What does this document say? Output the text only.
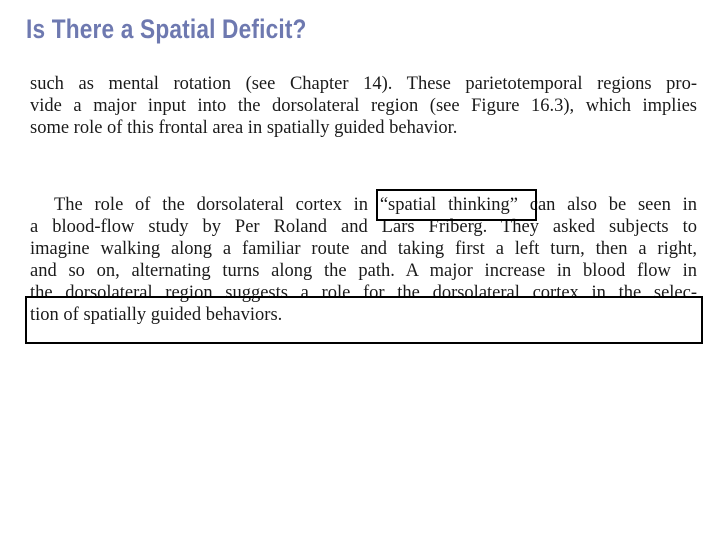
Is There a Spatial Deficit?
such as mental rotation (see Chapter 14). These parietotemporal regions pro-
vide a major input into the dorsolateral region (see Figure 16.3), which implies
some role of this frontal area in spatially guided behavior.
The role of the dorsolateral cortex in “spatial thinking” can also be seen in
a blood-flow study by Per Roland and Lars Friberg. They asked subjects to
imagine walking along a familiar route and taking first a left turn, then a right,
and so on, alternating turns along the path. A major increase in blood flow in
the dorsolateral region suggests a role for the dorsolateral cortex in the selec-
tion of spatially guided behaviors.
